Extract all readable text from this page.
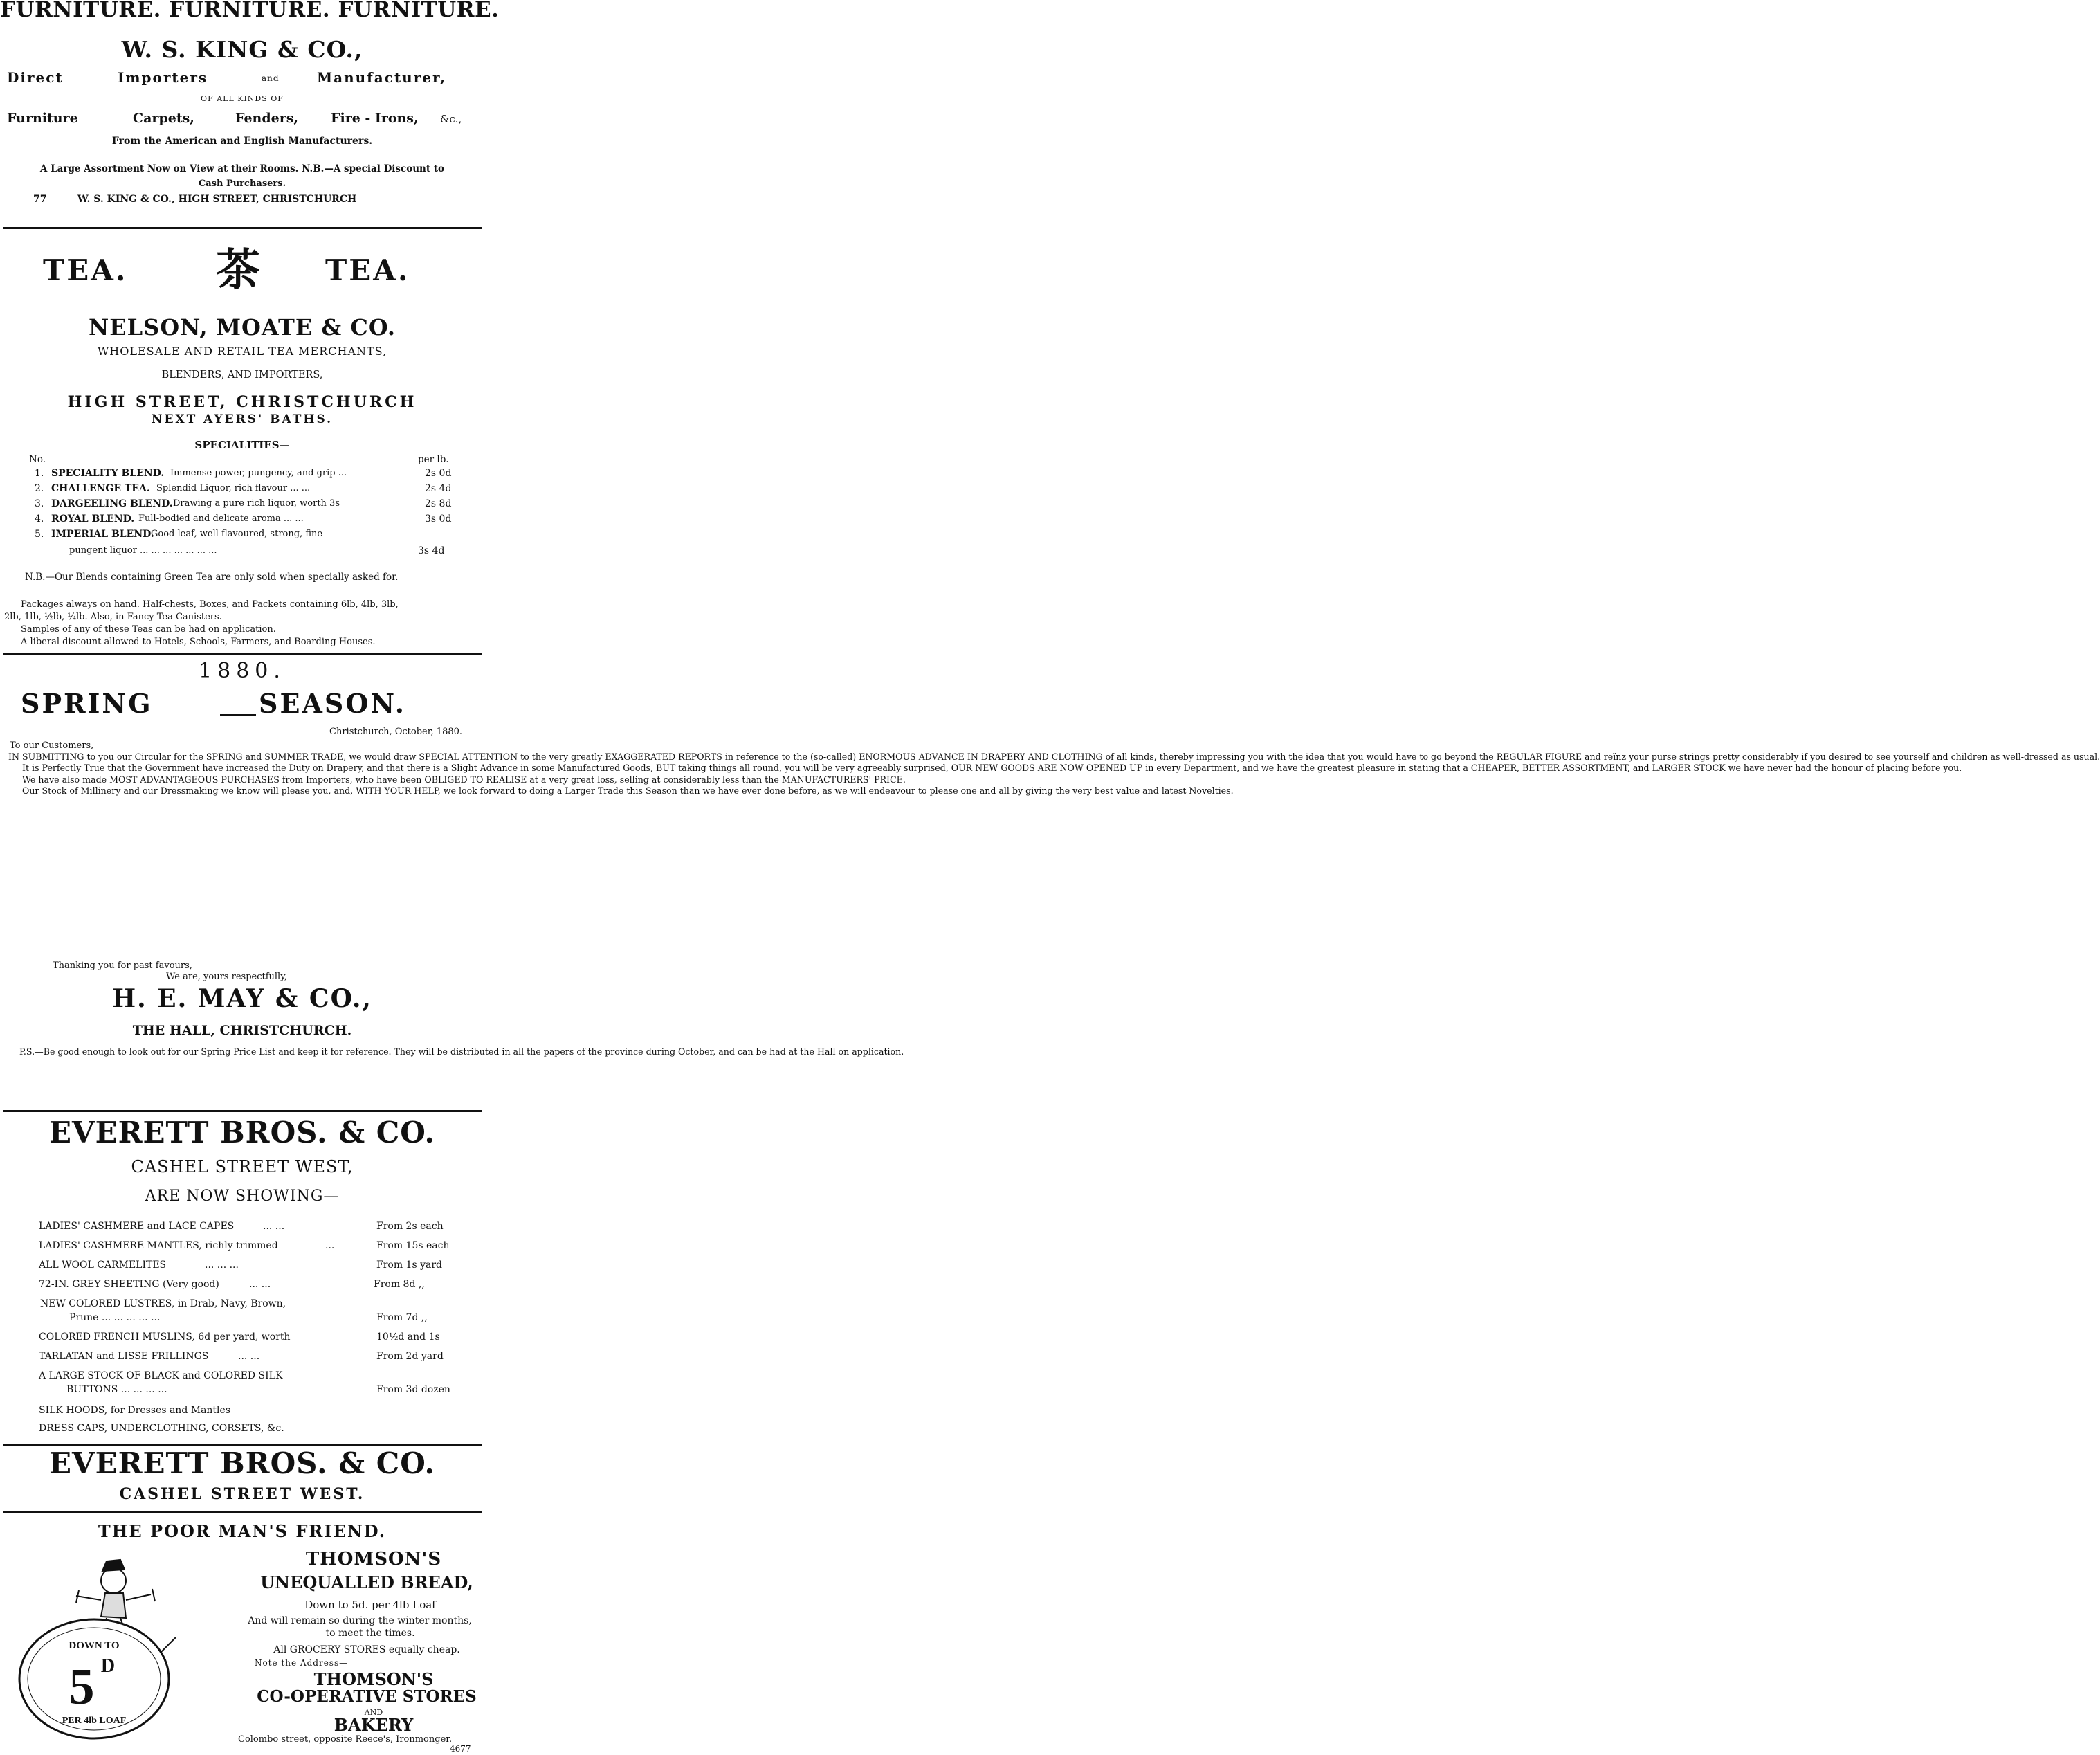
FURNITURE. FURNITURE. FURNITURE.
W. S. KING & CO.,
Direct	Importers	and	Manufacturer,
OF ALL KINDS OF
Furniture	Carpets,	Fenders, Fire - Irons, &c.,
From the American and English Manufacturers.
A Large Assortment Now on View at their Rooms. N.B.—A special Discount to
Cash Purchasers.
77	W. S. KING & CO., HIGH STREET, CHRISTCHURCH
TEA. 茶 TEA.
NELSON, MOATE & CO.
WHOLESALE AND RETAIL TEA MERCHANTS,
BLENDERS, AND IMPORTERS,
HIGH STREET, CHRISTCHURCH
NEXT AYERS' BATHS.
SPECIALITIES—
No.	per lb.
1. SPECIALITY BLEND. Immense power, pungency, and grip ...	2s 0d
2. CHALLENGE TEA. Splendid Liquor, rich flavour ... ...	2s 4d
3. DARGEELING BLEND. Drawing a pure rich liquor, worth 3s	2s 8d
4. ROYAL BLEND. Full-bodied and delicate aroma ... ...	3s 0d
5. IMPERIAL BLEND.
Good leaf, well flavoured, strong, fine
pungent liquor ... ... ... ... ... ... ...	3s 4d
N.B.—Our Blends containing Green Tea are only sold when specially asked for.
Packages always on hand. Half-chests, Boxes, and Packets containing 6lb, 4lb, 3lb,
2lb, 1lb, ½lb, ¼lb. Also, in Fancy Tea Canisters.
Samples of any of these Teas can be had on application.
A liberal discount allowed to Hotels, Schools, Farmers, and Boarding Houses.
1880.
SPRING	SEASON.
Christchurch, October, 1880.
To our Customers,

IN SUBMITTING to you our Circular for the SPRING and SUMMER TRADE, we would draw SPECIAL ATTENTION to the very greatly EXAGGERATED REPORTS in reference to the (so-called) ENORMOUS ADVANCE IN DRAPERY AND CLOTHING of all kinds, thereby impressing you with the idea that you would have to go beyond the REGULAR FIGURE and reïnz your purse strings pretty considerably if you desired to see yourself and children as well-dressed as usual.

It is Perfectly True that the Government have increased the Duty on Drapery, and that there is a Slight Advance in some Manufactured Goods, BUT taking things all round, you will be very agreeably surprised, OUR NEW GOODS ARE NOW OPENED UP in every Department, and we have the greatest pleasure in stating that a CHEAPER, BETTER ASSORTMENT, and LARGER STOCK we have never had the honour of placing before you.

We have also made MOST ADVANTAGEOUS PURCHASES from Importers, who have been OBLIGED TO REALISE at a very great loss, selling at considerably less than the MANUFACTURERS' PRICE.

Our Stock of Millinery and our Dressmaking we know will please you, and, WITH YOUR HELP, we look forward to doing a Larger Trade this Season than we have ever done before, as we will endeavour to please one and all by giving the very best value and latest Novelties.

Thanking you for past favours,
We are, yours respectfully,
H. E. MAY & CO.,
THE HALL, CHRISTCHURCH.

P.S.—Be good enough to look out for our Spring Price List and keep it for reference. They will be distributed in all the papers of the province during October, and can be had at the Hall on application.

EVERETT BROS. & CO.
CASHEL STREET WEST,
ARE NOW SHOWING—
LADIES' CASHMERE and LACE CAPES	... ...	From 2s each
LADIES' CASHMERE MANTLES, richly trimmed	...	From 15s each
ALL WOOL CARMELITES	... ... ...	From 1s yard
72-IN. GREY SHEETING (Very good)	... ...	From 8d ,,
NEW COLORED LUSTRES, in Drab, Navy, Brown,
Prune ... ... ... ... ...	From 7d ,,
COLORED FRENCH MUSLINS, 6d per yard, worth	10½d and 1s
TARLATAN and LISSE FRILLINGS	... ...	From 2d yard
A LARGE STOCK OF BLACK and COLORED SILK
BUTTONS ... ... ... ...	From 3d dozen
SILK HOODS, for Dresses and Mantles
DRESS CAPS, UNDERCLOTHING, CORSETS, &c.
EVERETT BROS. & CO.
CASHEL STREET WEST.
THE POOR MAN'S FRIEND.
DOWN TO
5 D
PER 4lb LOAF
THOMSON'S
UNEQUALLED BREAD,
Down to 5d. per 4lb Loaf
And will remain so during the winter months,
to meet the times.
All GROCERY STORES equally cheap.
Note the Address—
THOMSON'S
CO-OPERATIVE STORES
AND
BAKERY
Colombo street, opposite Reece's, Ironmonger.
4677
